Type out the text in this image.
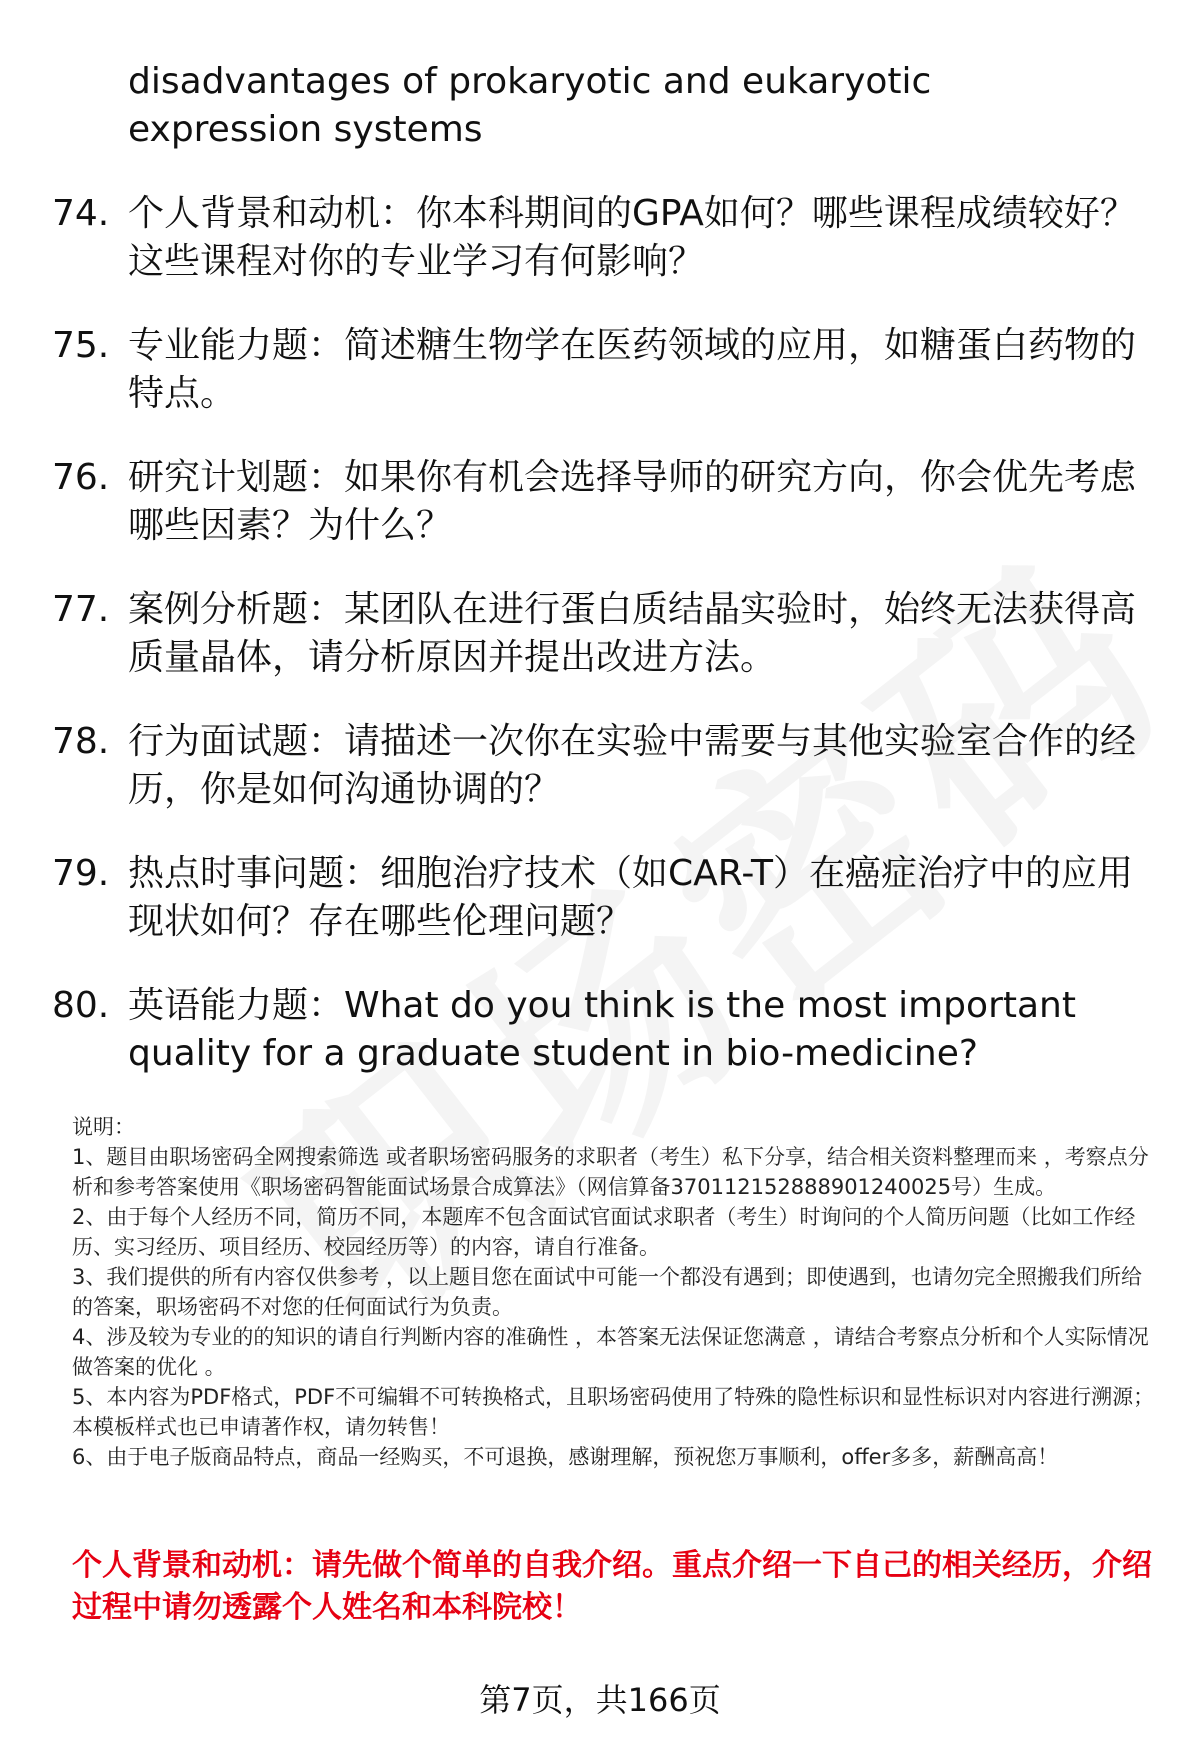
disadvantages of prokaryotic and eukaryotic expression systems
74. 个人背景和动机：你本科期间的GPA如何？哪些课程成绩较好？这些课程对你的专业学习有何影响？
75. 专业能力题：简述糖生物学在医药领域的应用，如糖蛋白药物的特点。
76. 研究计划题：如果你有机会选择导师的研究方向，你会优先考虑哪些因素？为什么？
77. 案例分析题：某团队在进行蛋白质结晶实验时，始终无法获得高质量晶体，请分析原因并提出改进方法。
78. 行为面试题：请描述一次你在实验中需要与其他实验室合作的经历，你是如何沟通协调的？
79. 热点时事问题：细胞治疗技术（如CAR-T）在癌症治疗中的应用现状如何？存在哪些伦理问题？
80. 英语能力题：What do you think is the most important quality for a graduate student in bio-medicine?

说明：

1、题目由职场密码全网搜索筛选 或者职场密码服务的求职者（考生）私下分享，结合相关资料整理而来 ，考察点分析和参考答案使用《职场密码智能面试场景合成算法》（网信算备370112152888901240025号）生成。

2、由于每个人经历不同，简历不同，本题库不包含面试官面试求职者（考生）时询问的个人简历问题（比如工作经历、实习经历、项目经历、校园经历等）的内容，请自行准备。

3、我们提供的所有内容仅供参考 ，以上题目您在面试中可能一个都没有遇到；即使遇到，也请勿完全照搬我们所给的答案，职场密码不对您的任何面试行为负责。

4、涉及较为专业的的知识的请自行判断内容的准确性 ，本答案无法保证您满意 ，请结合考察点分析和个人实际情况做答案的优化 。

5、本内容为PDF格式，PDF不可编辑不可转换格式，且职场密码使用了特殊的隐性标识和显性标识对内容进行溯源；本模板样式也已申请著作权，请勿转售！

6、由于电子版商品特点，商品一经购买，不可退换，感谢理解，预祝您万事顺利，offer多多，薪酬高高！

个人背景和动机：请先做个简单的自我介绍。重点介绍一下自己的相关经历，介绍过程中请勿透露个人姓名和本科院校！
第7页，共166页
